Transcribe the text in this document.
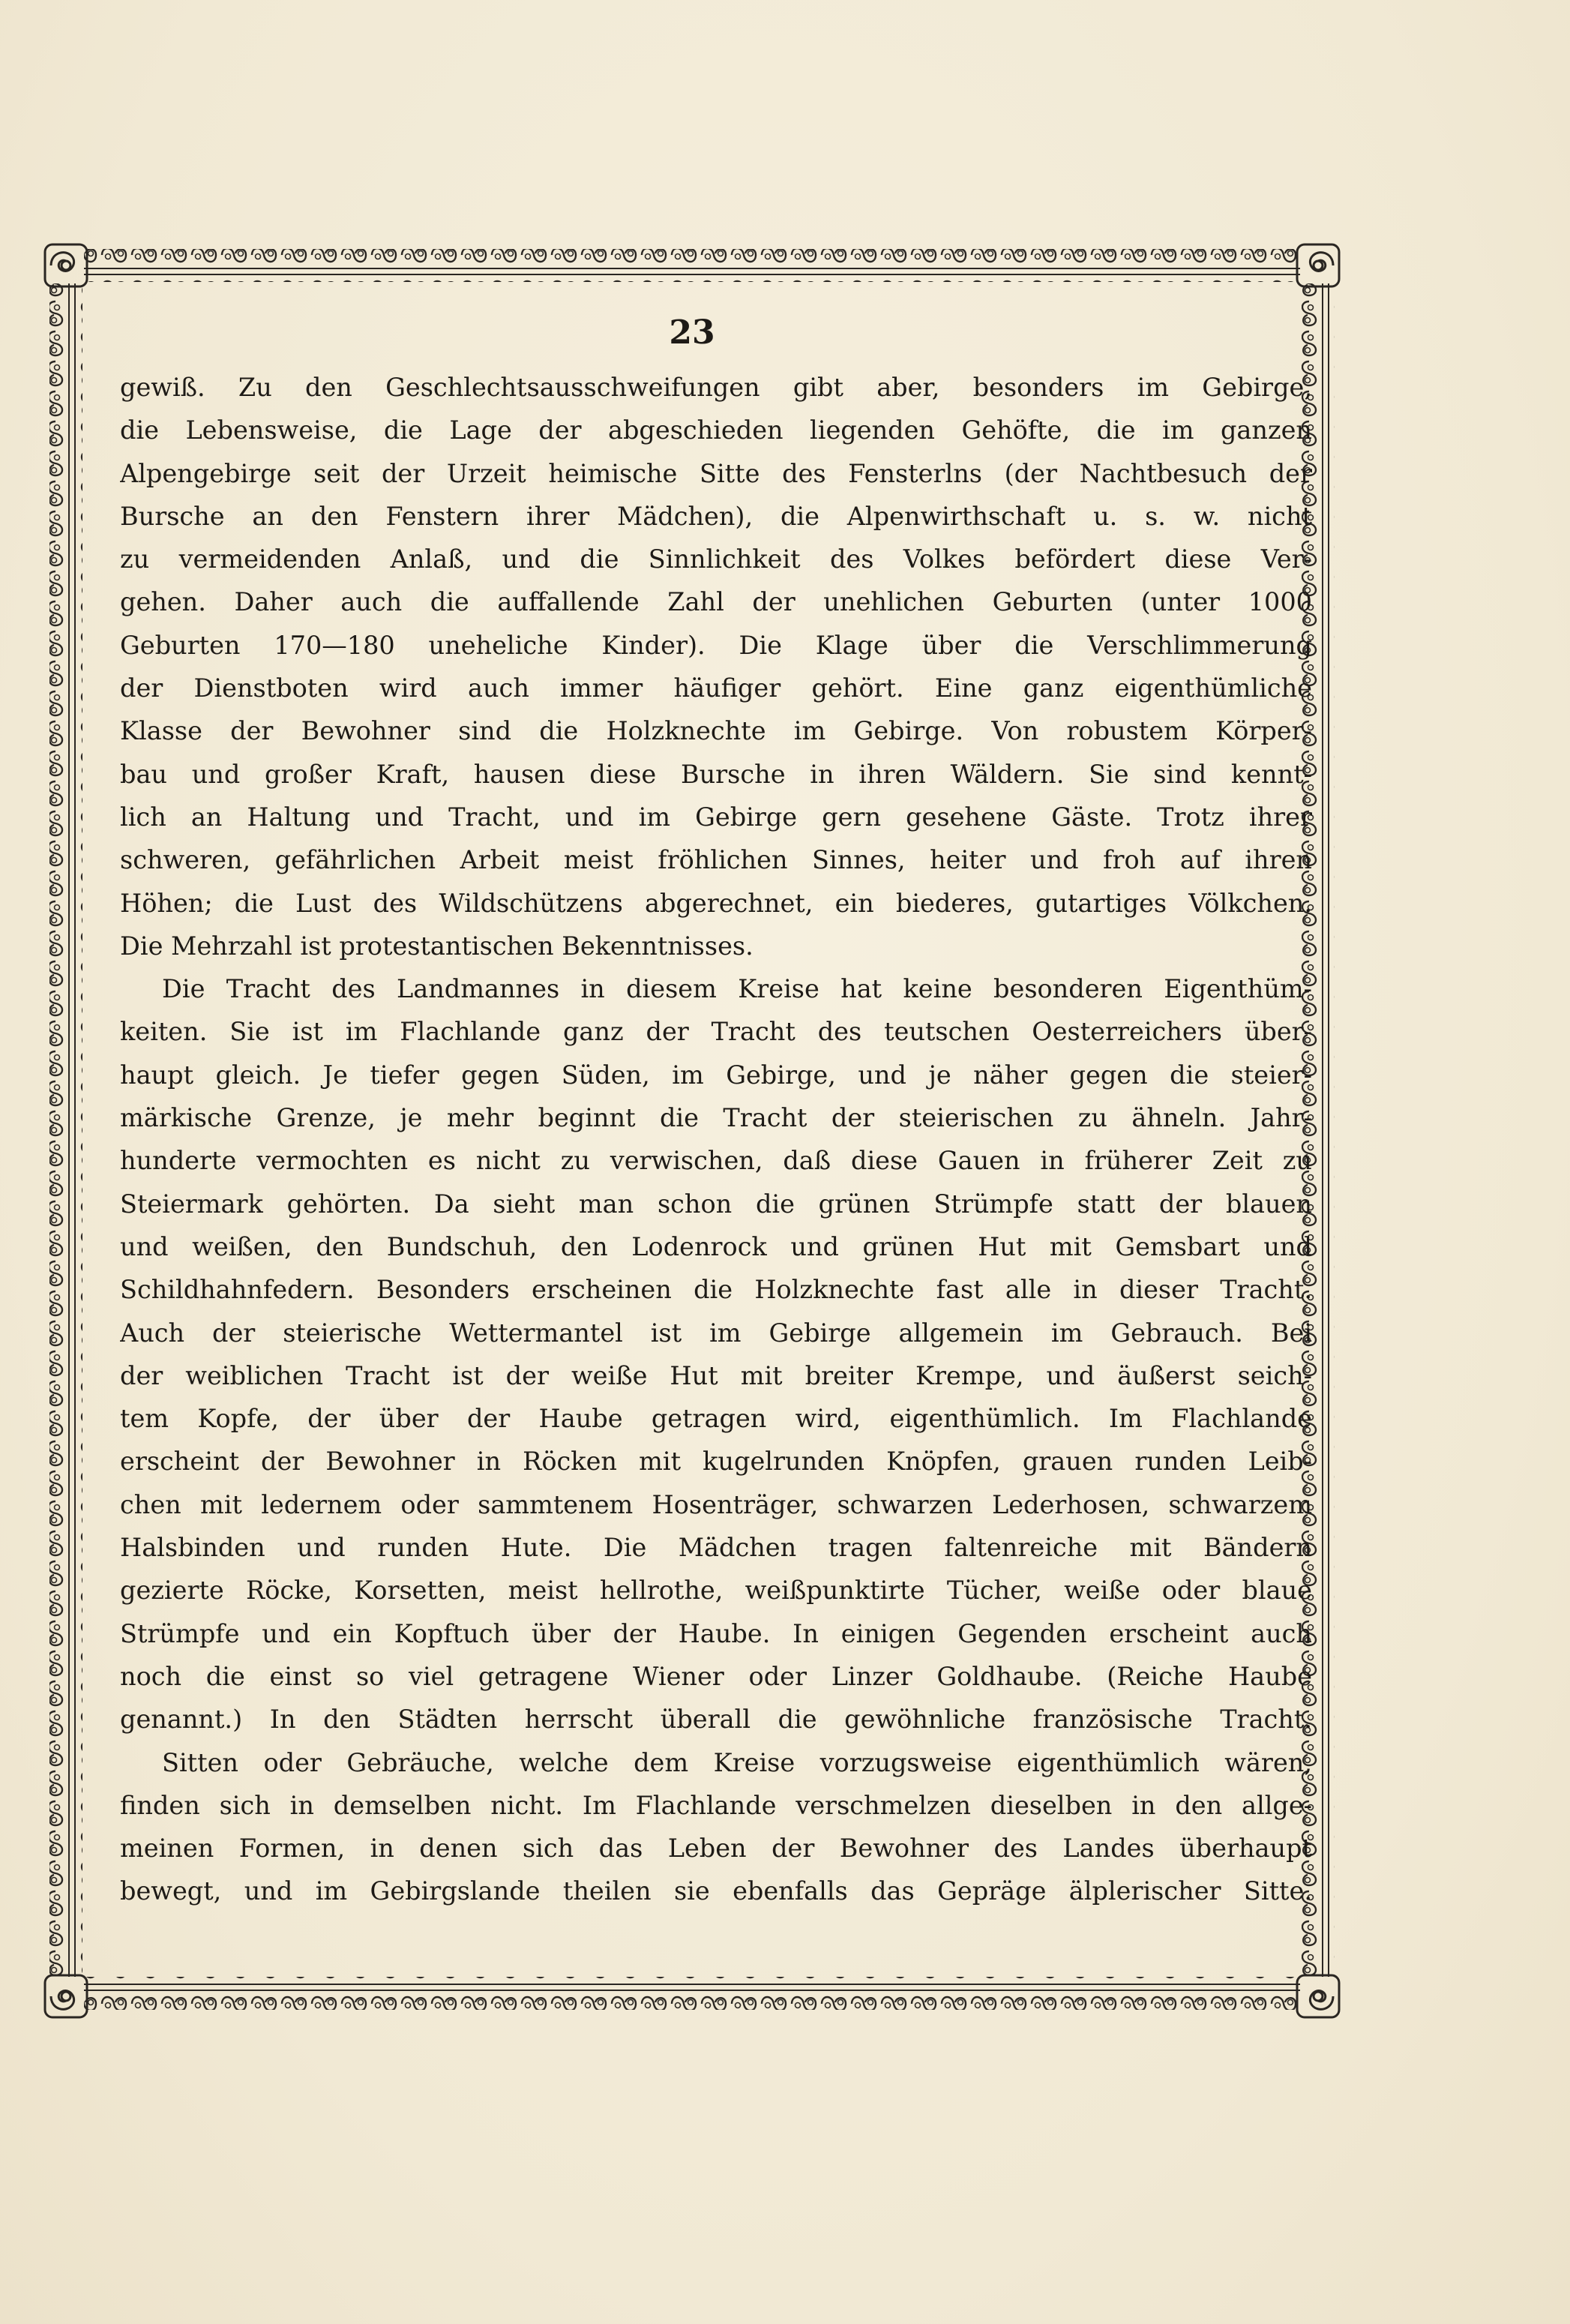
23
gewiß. Zu den Geschlechtsausschweifungen gibt aber, besonders im Gebirge,
die Lebensweise, die Lage der abgeschieden liegenden Gehöfte, die im ganzen
Alpengebirge seit der Urzeit heimische Sitte des Fensterlns (der Nachtbesuch der
Bursche an den Fenstern ihrer Mädchen), die Alpenwirthschaft u. s. w. nicht
zu vermeidenden Anlaß, und die Sinnlichkeit des Volkes befördert diese Ver-
gehen. Daher auch die auffallende Zahl der unehlichen Geburten (unter 1000
Geburten 170—180 uneheliche Kinder). Die Klage über die Verschlimmerung
der Dienstboten wird auch immer häufiger gehört. Eine ganz eigenthümliche
Klasse der Bewohner sind die Holzknechte im Gebirge. Von robustem Körper-
bau und großer Kraft, hausen diese Bursche in ihren Wäldern. Sie sind kennt-
lich an Haltung und Tracht, und im Gebirge gern gesehene Gäste. Trotz ihrer
schweren, gefährlichen Arbeit meist fröhlichen Sinnes, heiter und froh auf ihren
Höhen; die Lust des Wildschützens abgerechnet, ein biederes, gutartiges Völkchen.
Die Mehrzahl ist protestantischen Bekenntnisses.
Die Tracht des Landmannes in diesem Kreise hat keine besonderen Eigenthüm-
keiten. Sie ist im Flachlande ganz der Tracht des teutschen Oesterreichers über-
haupt gleich. Je tiefer gegen Süden, im Gebirge, und je näher gegen die steier-
märkische Grenze, je mehr beginnt die Tracht der steierischen zu ähneln. Jahr-
hunderte vermochten es nicht zu verwischen, daß diese Gauen in früherer Zeit zu
Steiermark gehörten. Da sieht man schon die grünen Strümpfe statt der blauen
und weißen, den Bundschuh, den Lodenrock und grünen Hut mit Gemsbart und
Schildhahnfedern. Besonders erscheinen die Holzknechte fast alle in dieser Tracht.
Auch der steierische Wettermantel ist im Gebirge allgemein im Gebrauch. Bei
der weiblichen Tracht ist der weiße Hut mit breiter Krempe, und äußerst seich-
tem Kopfe, der über der Haube getragen wird, eigenthümlich. Im Flachlande
erscheint der Bewohner in Röcken mit kugelrunden Knöpfen, grauen runden Leib-
chen mit ledernem oder sammtenem Hosenträger, schwarzen Lederhosen, schwarzem
Halsbinden und runden Hute. Die Mädchen tragen faltenreiche mit Bändern
gezierte Röcke, Korsetten, meist hellrothe, weißpunktirte Tücher, weiße oder blaue
Strümpfe und ein Kopftuch über der Haube. In einigen Gegenden erscheint auch
noch die einst so viel getragene Wiener oder Linzer Goldhaube. (Reiche Haube
genannt.) In den Städten herrscht überall die gewöhnliche französische Tracht.
Sitten oder Gebräuche, welche dem Kreise vorzugsweise eigenthümlich wären,
finden sich in demselben nicht. Im Flachlande verschmelzen dieselben in den allge-
meinen Formen, in denen sich das Leben der Bewohner des Landes überhaupt
bewegt, und im Gebirgslande theilen sie ebenfalls das Gepräge älplerischer Sitte.
